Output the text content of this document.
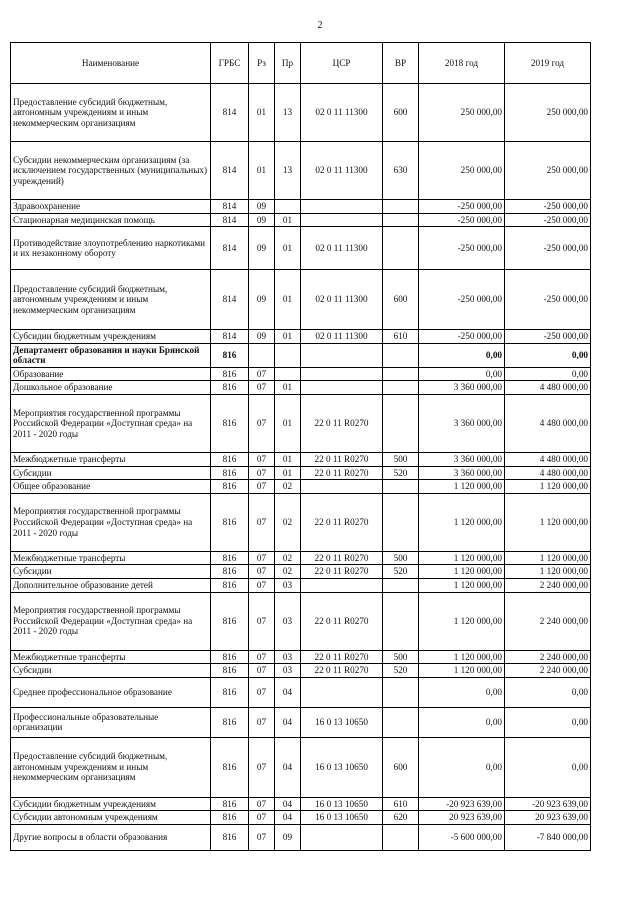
2
Наименование	ГРБС	Рз	Пр	ЦСР	ВР	2018 год	2019 год
Предоставление субсидий бюджетным, автономным учреждениям и иным некоммерческим организациям	814	01	13	02 0 11 11300	600	250 000,00	250 000,00
Субсидии некоммерческим организациям (за исключением государственных (муниципальных) учреждений)	814	01	13	02 0 11 11300	630	250 000,00	250 000,00
Здравоохранение	814	09				-250 000,00	-250 000,00
Стационарная медицинская помощь	814	09	01			-250 000,00	-250 000,00
Противодействие злоупотреблению наркотиками и их незаконному обороту	814	09	01	02 0 11 11300		-250 000,00	-250 000,00
Предоставление субсидий бюджетным, автономным учреждениям и иным некоммерческим организациям	814	09	01	02 0 11 11300	600	-250 000,00	-250 000,00
Субсидии бюджетным учреждениям	814	09	01	02 0 11 11300	610	-250 000,00	-250 000,00
Департамент образования и науки Брянской области	816					0,00	0,00
Образование	816	07				0,00	0,00
Дошкольное образование	816	07	01			3 360 000,00	4 480 000,00
Мероприятия государственной программы Российской Федерации «Доступная среда» на 2011 - 2020 годы	816	07	01	22 0 11 R0270		3 360 000,00	4 480 000,00
Межбюджетные трансферты	816	07	01	22 0 11 R0270	500	3 360 000,00	4 480 000,00
Субсидии	816	07	01	22 0 11 R0270	520	3 360 000,00	4 480 000,00
Общее образование	816	07	02			1 120 000,00	1 120 000,00
Мероприятия государственной программы Российской Федерации «Доступная среда» на 2011 - 2020 годы	816	07	02	22 0 11 R0270		1 120 000,00	1 120 000,00
Межбюджетные трансферты	816	07	02	22 0 11 R0270	500	1 120 000,00	1 120 000,00
Субсидии	816	07	02	22 0 11 R0270	520	1 120 000,00	1 120 000,00
Дополнительное образование детей	816	07	03			1 120 000,00	2 240 000,00
Мероприятия государственной программы Российской Федерации «Доступная среда» на 2011 - 2020 годы	816	07	03	22 0 11 R0270		1 120 000,00	2 240 000,00
Межбюджетные трансферты	816	07	03	22 0 11 R0270	500	1 120 000,00	2 240 000,00
Субсидии	816	07	03	22 0 11 R0270	520	1 120 000,00	2 240 000,00
Среднее профессиональное образование	816	07	04			0,00	0,00
Профессиональные образовательные организации	816	07	04	16 0 13 10650		0,00	0,00
Предоставление субсидий бюджетным, автономным учреждениям и иным некоммерческим организациям	816	07	04	16 0 13 10650	600	0,00	0,00
Субсидии бюджетным учреждениям	816	07	04	16 0 13 10650	610	-20 923 639,00	-20 923 639,00
Субсидии автономным учреждениям	816	07	04	16 0 13 10650	620	20 923 639,00	20 923 639,00
Другие вопросы в области образования	816	07	09			-5 600 000,00	-7 840 000,00
